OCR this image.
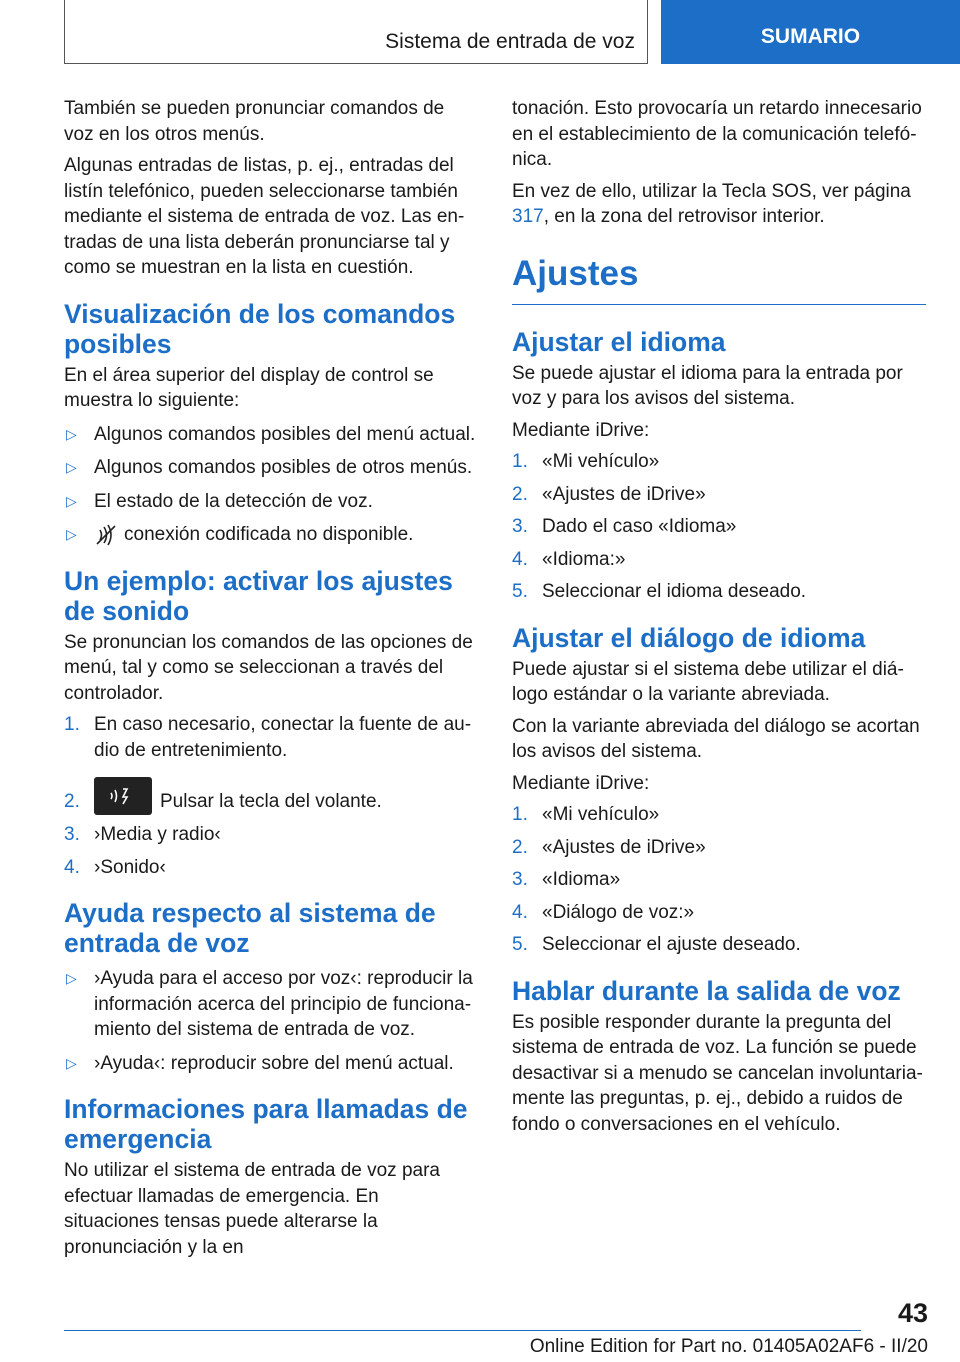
Sistema de entrada de voz	SUMARIO

También se pueden pronunciar comandos de voz en los otros menús.

Algunas entradas de listas, p. ej., entradas del listín telefónico, pueden seleccionarse también mediante el sistema de entrada de voz. Las entradas de una lista deberán pronunciarse tal y como se muestran en la lista en cuestión.

Visualización de los comandos posibles

En el área superior del display de control se muestra lo siguiente:

▷ Algunos comandos posibles del menú actual.
▷ Algunos comandos posibles de otros menús.
▷ El estado de la detección de voz.
▷ conexión codificada no disponible.
Un ejemplo: activar los ajustes de sonido

Se pronuncian los comandos de las opciones de menú, tal y como se seleccionan a través del controlador.

1. En caso necesario, conectar la fuente de audio de entretenimiento.
2.	Pulsar la tecla del volante.
3. ›Media y radio‹
4. ›Sonido‹
Ayuda respecto al sistema de entrada de voz
▷ ›Ayuda para el acceso por voz‹: reproducir la información acerca del principio de funcionamiento del sistema de entrada de voz.
▷ ›Ayuda‹: reproducir sobre del menú actual.
Informaciones para llamadas de emergencia

No utilizar el sistema de entrada de voz para efectuar llamadas de emergencia. En situaciones tensas puede alterarse la pronunciación y la en

tonación. Esto provocaría un retardo innecesario en el establecimiento de la comunicación telefónica.

En vez de ello, utilizar la Tecla SOS, ver página 317, en la zona del retrovisor interior.

Ajustes
Ajustar el idioma

Se puede ajustar el idioma para la entrada por voz y para los avisos del sistema.

Mediante iDrive:

1. «Mi vehículo»
2. «Ajustes de iDrive»
3. Dado el caso «Idioma»
4. «Idioma:»
5. Seleccionar el idioma deseado.
Ajustar el diálogo de idioma

Puede ajustar si el sistema debe utilizar el diálogo estándar o la variante abreviada.

Con la variante abreviada del diálogo se acortan los avisos del sistema.

Mediante iDrive:

1. «Mi vehículo»
2. «Ajustes de iDrive»
3. «Idioma»
4. «Diálogo de voz:»
5. Seleccionar el ajuste deseado.
Hablar durante la salida de voz

Es posible responder durante la pregunta del sistema de entrada de voz. La función se puede desactivar si a menudo se cancelan involuntariamente las preguntas, p. ej., debido a ruidos de fondo o conversaciones en el vehículo.

43
Online Edition for Part no. 01405A02AF6 - II/20
